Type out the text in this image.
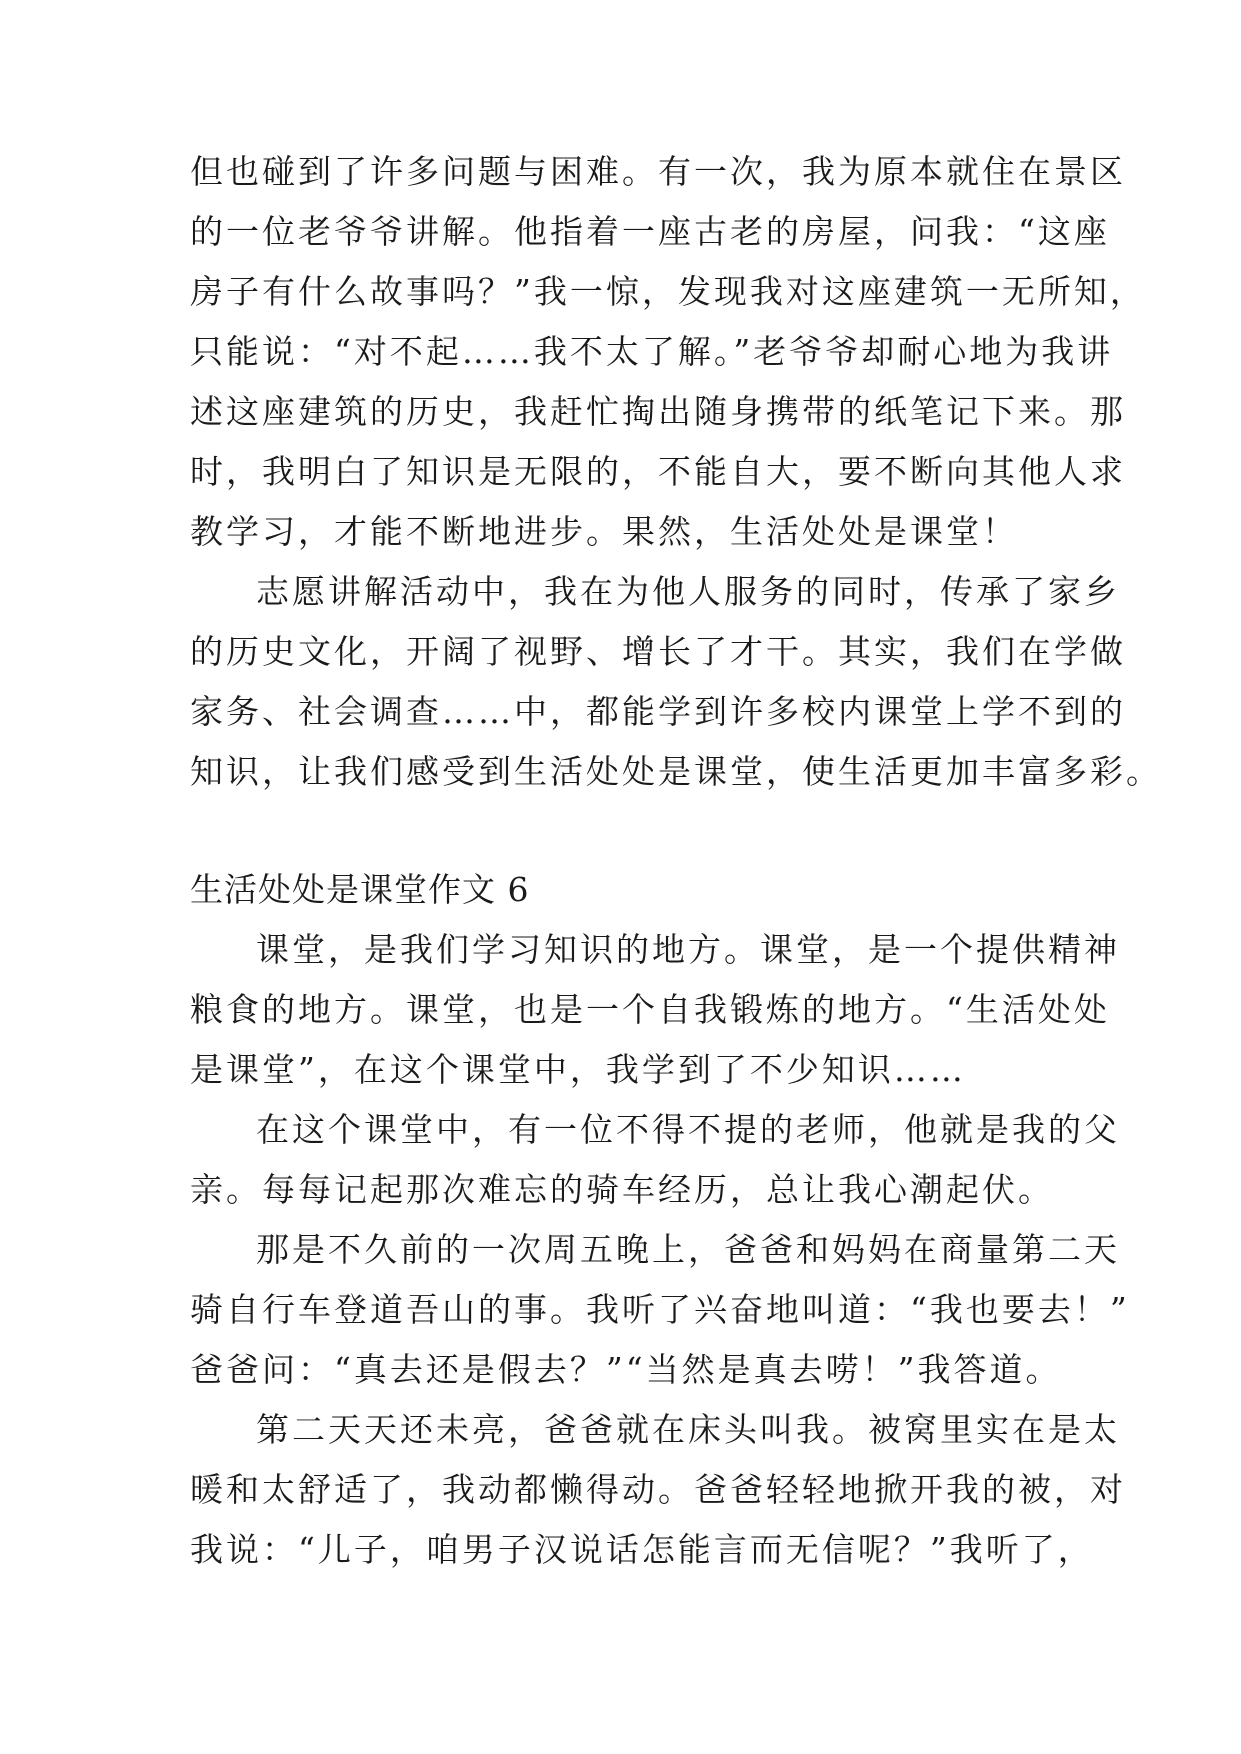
但也碰到了许多问题与困难。有一次，我为原本就住在景区

的一位老爷爷讲解。他指着一座古老的房屋，问我：“这座

房子有什么故事吗？”我一惊，发现我对这座建筑一无所知，

只能说：“对不起……我不太了解。”老爷爷却耐心地为我讲

述这座建筑的历史，我赶忙掏出随身携带的纸笔记下来。那

时，我明白了知识是无限的，不能自大，要不断向其他人求

教学习，才能不断地进步。果然，生活处处是课堂！

志愿讲解活动中，我在为他人服务的同时，传承了家乡

的历史文化，开阔了视野、增长了才干。其实，我们在学做

家务、社会调查……中，都能学到许多校内课堂上学不到的

知识，让我们感受到生活处处是课堂，使生活更加丰富多彩。

生活处处是课堂作文 6

课堂，是我们学习知识的地方。课堂，是一个提供精神

粮食的地方。课堂，也是一个自我锻炼的地方。“生活处处

是课堂”，在这个课堂中，我学到了不少知识……

在这个课堂中，有一位不得不提的老师，他就是我的父

亲。每每记起那次难忘的骑车经历，总让我心潮起伏。

那是不久前的一次周五晚上，爸爸和妈妈在商量第二天

骑自行车登道吾山的事。我听了兴奋地叫道：“我也要去！”

爸爸问：“真去还是假去？”“当然是真去唠！”我答道。

第二天天还未亮，爸爸就在床头叫我。被窝里实在是太

暖和太舒适了，我动都懒得动。爸爸轻轻地掀开我的被，对

我说：“儿子，咱男子汉说话怎能言而无信呢？”我听了，
